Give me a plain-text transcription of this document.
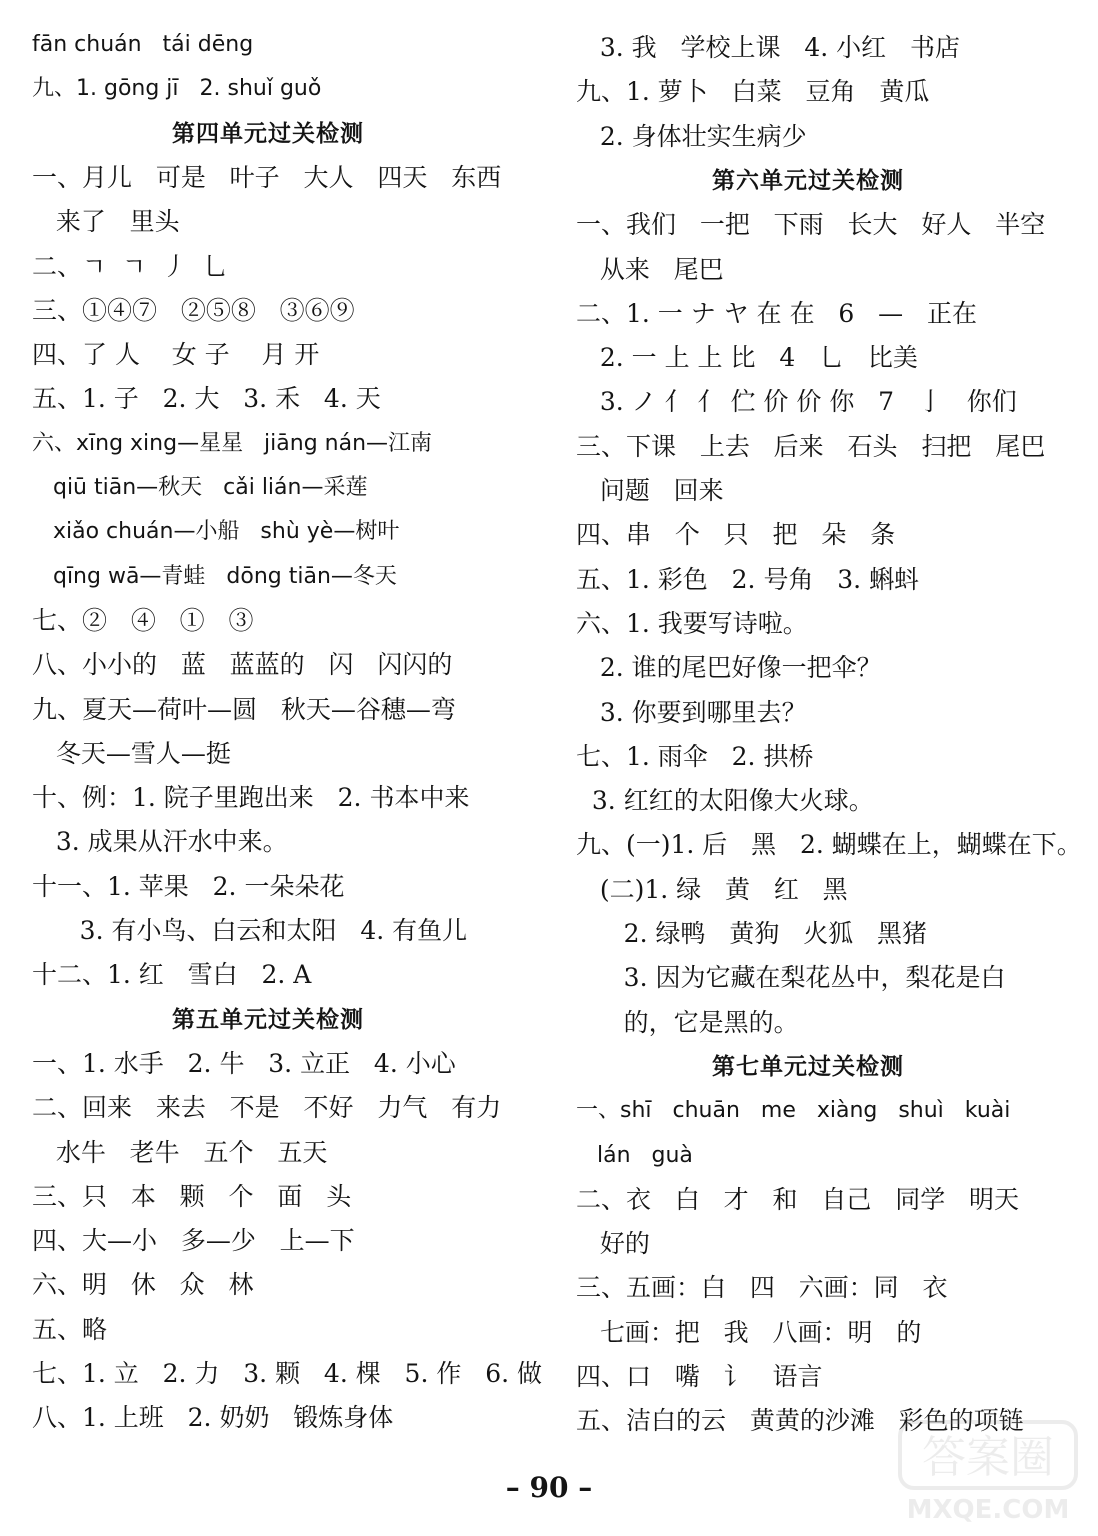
fān chuán   tái dēng
九、1. gōng jī   2. shuǐ guǒ
第四单元过关检测
一、月儿   可是   叶子   大人   四天   东西
来了   里头
二、ㄱ  ㄱ  丿  乚
三、①④⑦   ②⑤⑧   ③⑥⑨
四、了 人    女 子    月 开
五、1. 子   2. 大   3. 禾   4. 天
六、xīng xing—星星   jiāng nán—江南
qiū tiān—秋天   cǎi lián—采莲
xiǎo chuán—小船   shù yè—树叶
qīng wā—青蛙   dōng tiān—冬天
七、②   ④   ①   ③
八、小小的   蓝   蓝蓝的   闪   闪闪的
九、夏天—荷叶—圆   秋天—谷穗—弯
冬天—雪人—挺
十、例：1. 院子里跑出来   2. 书本中来
3. 成果从汗水中来。
十一、1. 苹果   2. 一朵朵花
3. 有小鸟、白云和太阳   4. 有鱼儿
十二、1. 红   雪白   2. A
第五单元过关检测
一、1. 水手   2. 牛   3. 立正   4. 小心
二、回来   来去   不是   不好   力气   有力
水牛   老牛   五个   五天
三、只   本   颗   个   面   头
四、大—小   多—少   上—下
六、明   休   众   林
五、略
七、1. 立   2. 力   3. 颗   4. 棵   5. 作   6. 做
八、1. 上班   2. 奶奶   锻炼身体
3. 我   学校上课   4. 小红   书店
九、1. 萝卜   白菜   豆角   黄瓜
2. 身体壮实生病少
第六单元过关检测
一、我们   一把   下雨   长大   好人   半空
从来   尾巴
二、1. 一 ナ ヤ 在 在   6   —   正在
2. ⼀ 上 上 比   4   乚   比美
3. ノ 亻 亻 伫 价 价 你   7   亅   你们
三、下课   上去   后来   石头   扫把   尾巴
问题   回来
四、串   个   只   把   朵   条
五、1. 彩色   2. 号角   3. 蝌蚪
六、1. 我要写诗啦。
2. 谁的尾巴好像一把伞？
3. 你要到哪里去？
七、1. 雨伞   2. 拱桥
3. 红红的太阳像大火球。
九、(一)1. 后   黑   2. 蝴蝶在上，蝴蝶在下。
(二)1. 绿   黄   红   黑
2. 绿鸭   黄狗   火狐   黑猪
3. 因为它藏在梨花丛中，梨花是白
的，它是黑的。
第七单元过关检测
一、shī   chuān   me   xiàng   shuì   kuài
lán   guà
二、衣   白   才   和   自己   同学   明天
好的
三、五画：白   四   六画：同   衣
七画：把   我   八画：明   的
四、口   嘴   讠   语言
五、洁白的云   黄黄的沙滩   彩色的项链
– 90 –
答案圈
MXQE.COM
